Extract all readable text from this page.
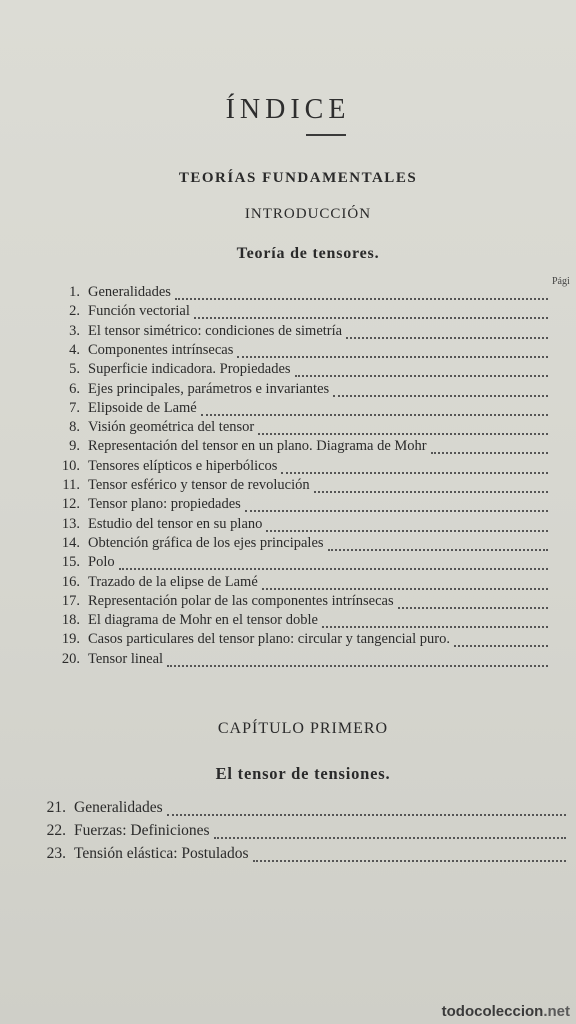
ÍNDICE
TEORÍAS FUNDAMENTALES
INTRODUCCIÓN
Teoría de tensores.
Pági
1. Generalidades
2. Función vectorial
3. El tensor simétrico: condiciones de simetría
4. Componentes intrínsecas
5. Superficie indicadora. Propiedades
6. Ejes principales, parámetros e invariantes
7. Elipsoide de Lamé
8. Visión geométrica del tensor
9. Representación del tensor en un plano. Diagrama de Mohr
10. Tensores elípticos e hiperbólicos
11. Tensor esférico y tensor de revolución
12. Tensor plano: propiedades
13. Estudio del tensor en su plano
14. Obtención gráfica de los ejes principales
15. Polo
16. Trazado de la elipse de Lamé
17. Representación polar de las componentes intrínsecas
18. El diagrama de Mohr en el tensor doble
19. Casos particulares del tensor plano: circular y tangencial puro.
20. Tensor lineal
CAPÍTULO PRIMERO
El tensor de tensiones.
21. Generalidades
22. Fuerzas: Definiciones
23. Tensión elástica: Postulados
todocoleccion.net
